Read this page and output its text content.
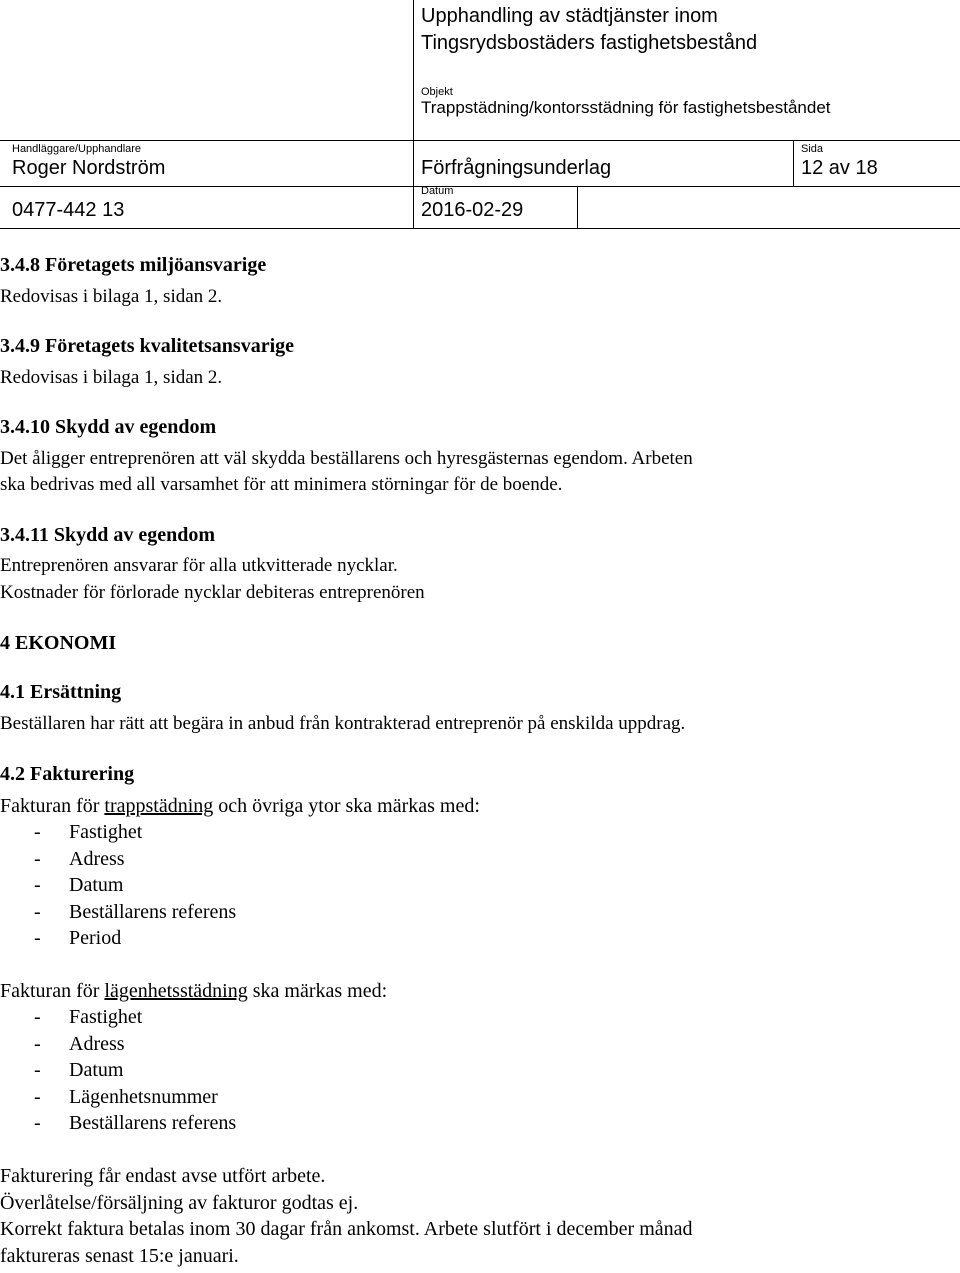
Upphandling av städtjänster inom
Tingsrydsbostäders fastighetsbestånd
Objekt
Trappstädning/kontorsstädning för fastighetsbeståndet
Handläggare/Upphandlare
Roger Nordström
0477-442 13
Förfrågningsunderlag
Datum
2016-02-29
Sida
12 av 18
3.4.8 Företagets miljöansvarige
Redovisas i bilaga 1, sidan 2.
3.4.9 Företagets kvalitetsansvarige
Redovisas i bilaga 1, sidan 2.
3.4.10 Skydd av egendom
Det åligger entreprenören att väl skydda beställarens och hyresgästernas egendom. Arbeten
ska bedrivas med all varsamhet för att minimera störningar för de boende.
3.4.11 Skydd av egendom
Entreprenören ansvarar för alla utkvitterade nycklar.
Kostnader för förlorade nycklar debiteras entreprenören
4 EKONOMI
4.1 Ersättning
Beställaren har rätt att begära in anbud från kontrakterad entreprenör på enskilda uppdrag.
4.2 Fakturering
Fakturan för trappstädning och övriga ytor ska märkas med:
- Fastighet
- Adress
- Datum
- Beställarens referens
- Period
Fakturan för lägenhetsstädning ska märkas med:
- Fastighet
- Adress
- Datum
- Lägenhetsnummer
- Beställarens referens
Fakturering får endast avse utfört arbete.
Överlåtelse/försäljning av fakturor godtas ej.
Korrekt faktura betalas inom 30 dagar från ankomst. Arbete slutfört i december månad
faktureras senast 15:e januari.
